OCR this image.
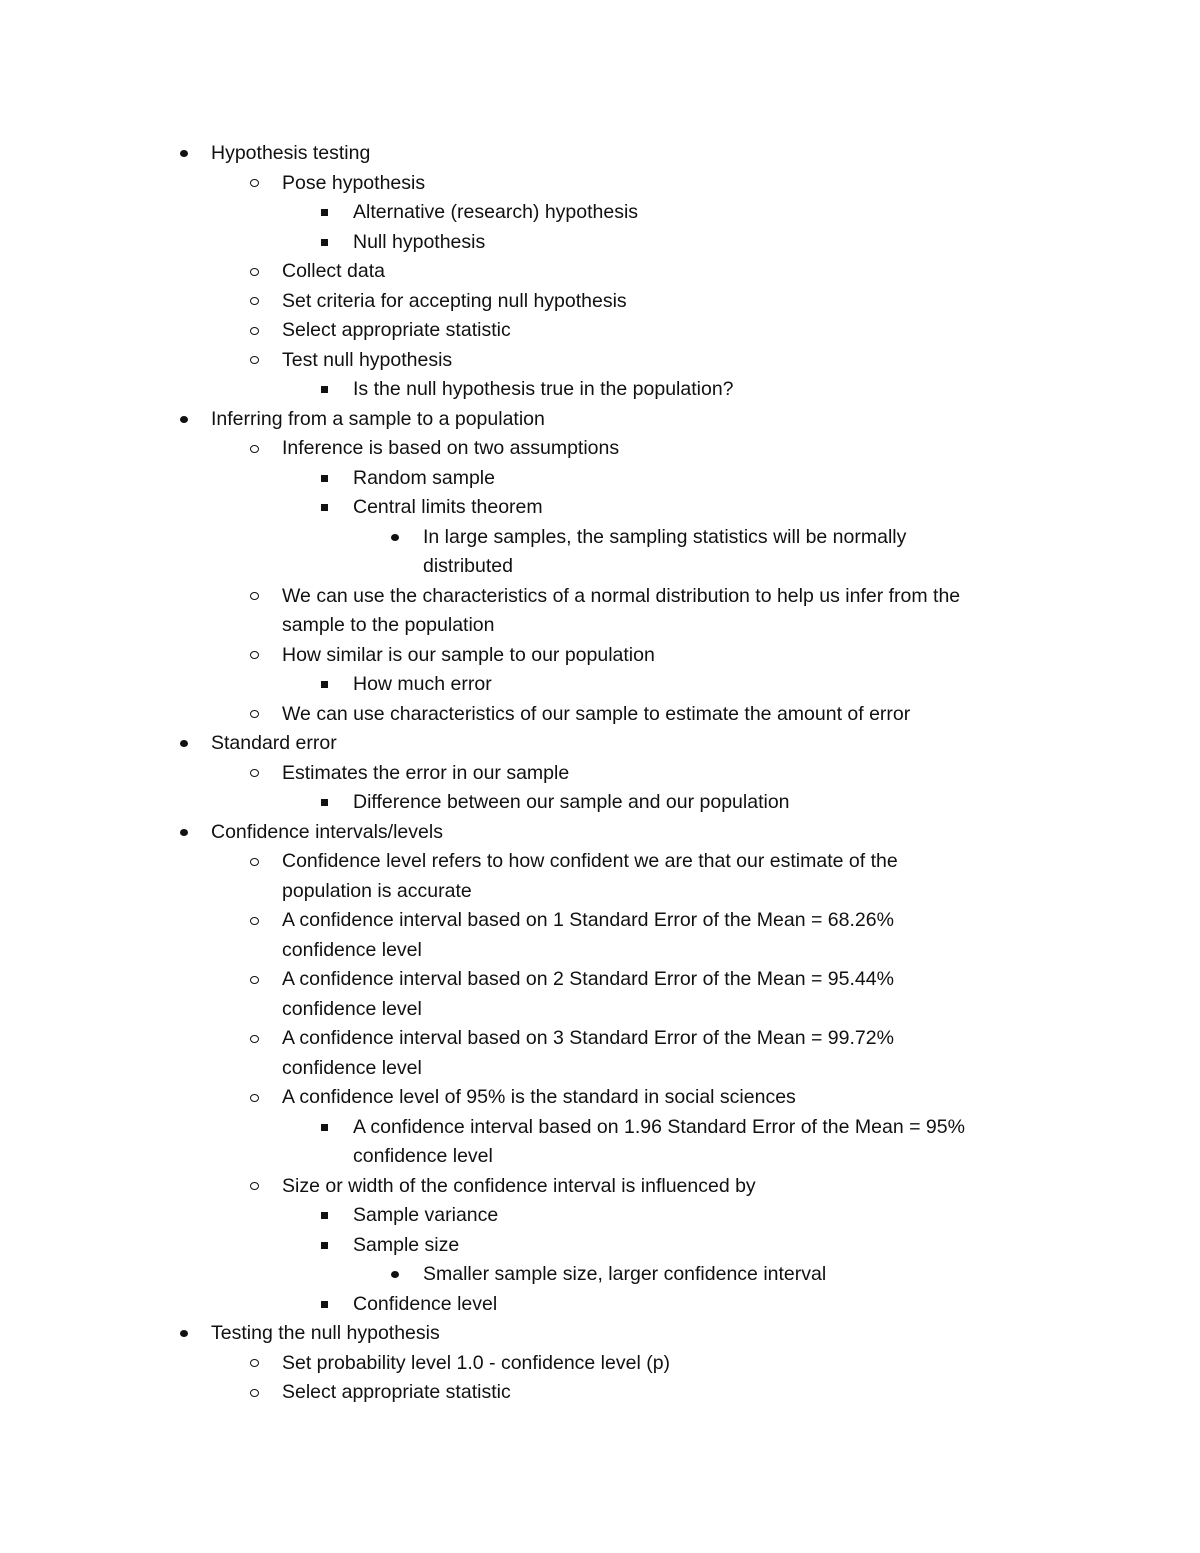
Hypothesis testing
Pose hypothesis
Alternative (research) hypothesis
Null hypothesis
Collect data
Set criteria for accepting null hypothesis
Select appropriate statistic
Test null hypothesis
Is the null hypothesis true in the population?
Inferring from a sample to a population
Inference is based on two assumptions
Random sample
Central limits theorem
In large samples, the sampling statistics will be normally
distributed
We can use the characteristics of a normal distribution to help us infer from the
sample to the population
How similar is our sample to our population
How much error
We can use characteristics of our sample to estimate the amount of error
Standard error
Estimates the error in our sample
Difference between our sample and our population
Confidence intervals/levels
Confidence level refers to how confident we are that our estimate of the
population is accurate
A confidence interval based on 1 Standard Error of the Mean = 68.26%
confidence level
A confidence interval based on 2 Standard Error of the Mean = 95.44%
confidence level
A confidence interval based on 3 Standard Error of the Mean = 99.72%
confidence level
A confidence level of 95% is the standard in social sciences
A confidence interval based on 1.96 Standard Error of the Mean = 95%
confidence level
Size or width of the confidence interval is influenced by
Sample variance
Sample size
Smaller sample size, larger confidence interval
Confidence level
Testing the null hypothesis
Set probability level 1.0 - confidence level (p)
Select appropriate statistic
